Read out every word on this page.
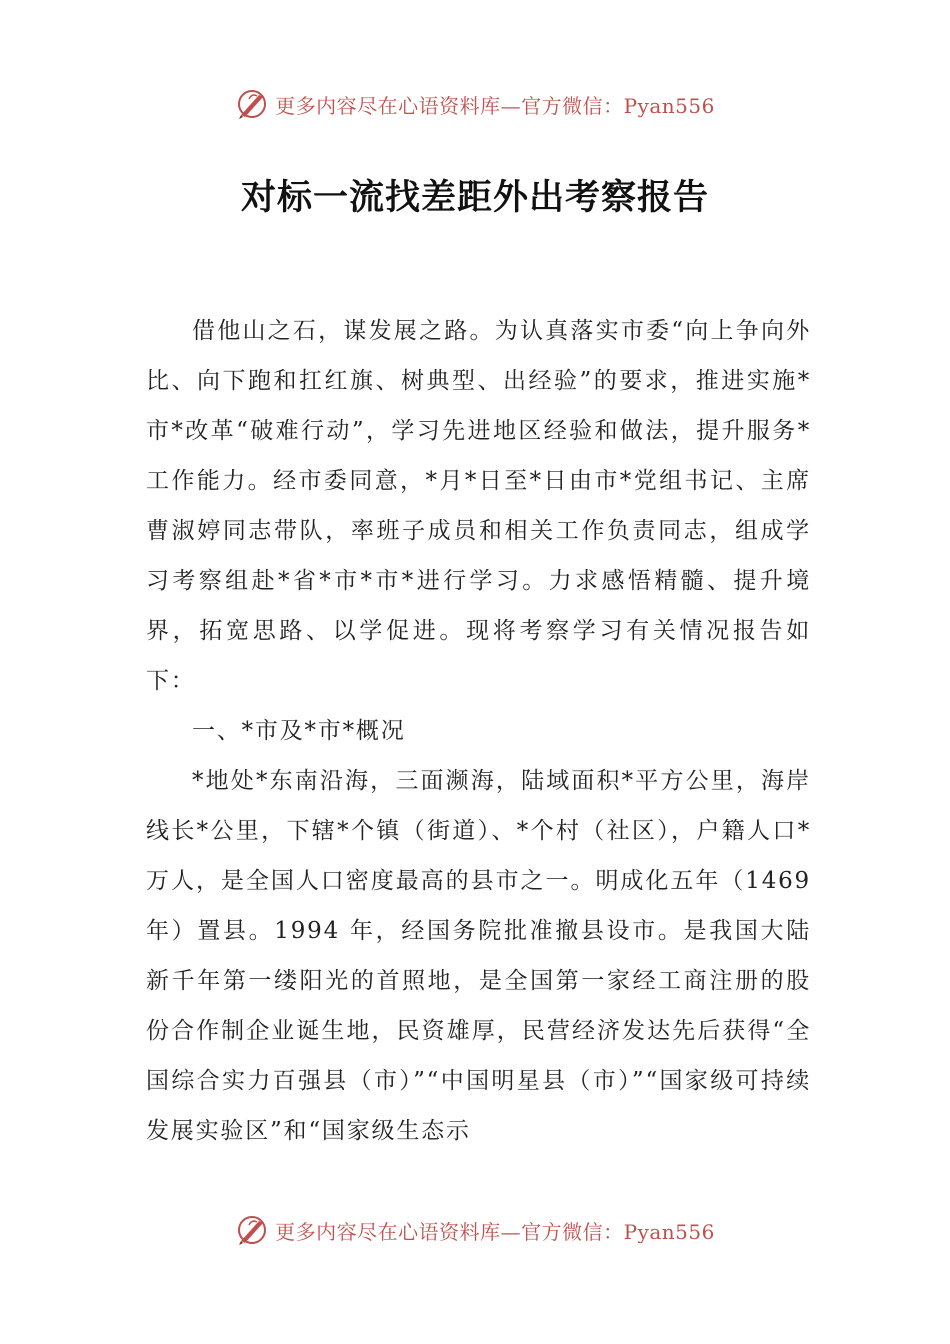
更多内容尽在心语资料库—官方微信：Pyan556
对标一流找差距外出考察报告

借他山之石，谋发展之路。为认真落实市委“向上争向外比、向下跑和扛红旗、树典型、出经验”的要求，推进实施*市*改革“破难行动”，学习先进地区经验和做法，提升服务*工作能力。经市委同意，*月*日至*日由市*党组书记、主席曹淑婷同志带队，率班子成员和相关工作负责同志，组成学习考察组赴*省*市*市*进行学习。力求感悟精髓、提升境界，拓宽思路、以学促进。现将考察学习有关情况报告如下：

一、*市及*市*概况

*地处*东南沿海，三面濒海，陆域面积*平方公里，海岸线长*公里，下辖*个镇（街道）、*个村（社区），户籍人口*万人，是全国人口密度最高的县市之一。明成化五年（1469 年）置县。1994 年，经国务院批准撤县设市。是我国大陆新千年第一缕阳光的首照地，是全国第一家经工商注册的股份合作制企业诞生地，民资雄厚，民营经济发达先后获得“全国综合实力百强县（市）”“中国明星县（市）”“国家级可持续发展实验区”和“国家级生态示

更多内容尽在心语资料库—官方微信：Pyan556
